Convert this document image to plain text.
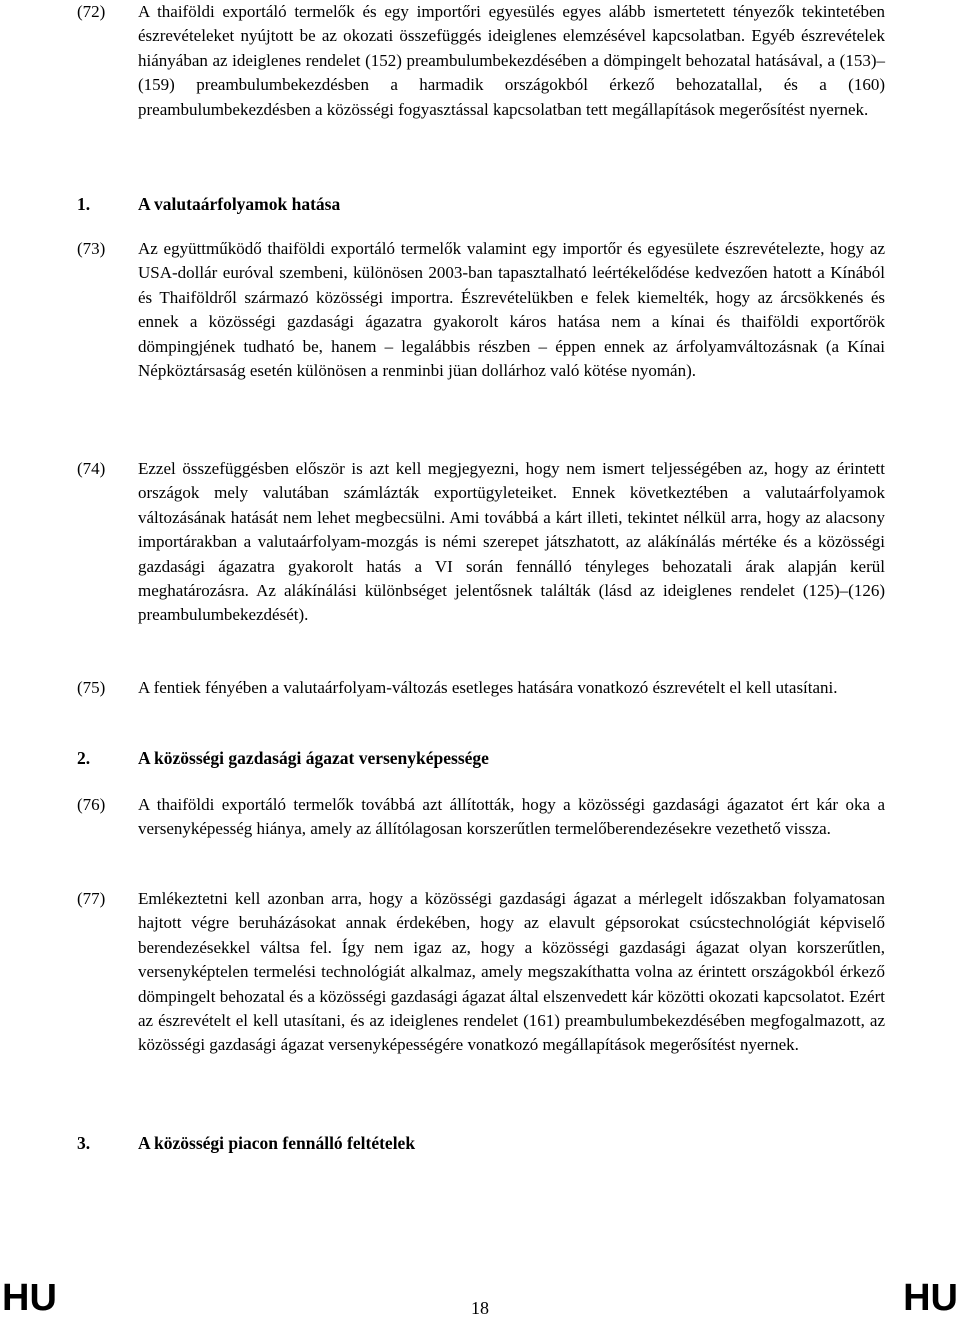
(72) A thaiföldi exportáló termelők és egy importőri egyesülés egyes alább ismertetett tényezők tekintetében észrevételeket nyújtott be az okozati összefüggés ideiglenes elemzésével kapcsolatban. Egyéb észrevételek hiányában az ideiglenes rendelet (152) preambulumbekezdésében a dömpingelt behozatal hatásával, a (153)–(159) preambulumbekezdésben a harmadik országokból érkező behozatallal, és a (160) preambulumbekezdésben a közösségi fogyasztással kapcsolatban tett megállapítások megerősítést nyernek.
1.	A valutaárfolyamok hatása
(73) Az együttműködő thaiföldi exportáló termelők valamint egy importőr és egyesülete észrevételezte, hogy az USA-dollár euróval szembeni, különösen 2003-ban tapasztalható leértékelődése kedvezően hatott a Kínából és Thaiföldről származó közösségi importra. Észrevételükben e felek kiemelték, hogy az árcsökkenés és ennek a közösségi gazdasági ágazatra gyakorolt káros hatása nem a kínai és thaiföldi exportőrök dömpingjének tudható be, hanem – legalábbis részben – éppen ennek az árfolyamváltozásnak (a Kínai Népköztársaság esetén különösen a renminbi jüan dollárhoz való kötése nyomán).
(74) Ezzel összefüggésben először is azt kell megjegyezni, hogy nem ismert teljességében az, hogy az érintett országok mely valutában számlázták exportügyleteiket. Ennek következtében a valutaárfolyamok változásának hatását nem lehet megbecsülni. Ami továbbá a kárt illeti, tekintet nélkül arra, hogy az alacsony importárakban a valutaárfolyam-mozgás is némi szerepet játszhatott, az alákínálás mértéke és a közösségi gazdasági ágazatra gyakorolt hatás a VI során fennálló tényleges behozatali árak alapján kerül meghatározásra. Az alákínálási különbséget jelentősnek találták (lásd az ideiglenes rendelet (125)–(126) preambulumbekezdését).
(75) A fentiek fényében a valutaárfolyam-változás esetleges hatására vonatkozó észrevételt el kell utasítani.
2.	A közösségi gazdasági ágazat versenyképessége
(76) A thaiföldi exportáló termelők továbbá azt állították, hogy a közösségi gazdasági ágazatot ért kár oka a versenyképesség hiánya, amely az állítólagosan korszerűtlen termelőberendezésekre vezethető vissza.
(77) Emlékeztetni kell azonban arra, hogy a közösségi gazdasági ágazat a mérlegelt időszakban folyamatosan hajtott végre beruházásokat annak érdekében, hogy az elavult gépsorokat csúcstechnológiát képviselő berendezésekkel váltsa fel. Így nem igaz az, hogy a közösségi gazdasági ágazat olyan korszerűtlen, versenyképtelen termelési technológiát alkalmaz, amely megszakíthatta volna az érintett országokból érkező dömpingelt behozatal és a közösségi gazdasági ágazat által elszenvedett kár közötti okozati kapcsolatot. Ezért az észrevételt el kell utasítani, és az ideiglenes rendelet (161) preambulumbekezdésében megfogalmazott, az közösségi gazdasági ágazat versenyképességére vonatkozó megállapítások megerősítést nyernek.
3.	A közösségi piacon fennálló feltételek
HU	18	HU
